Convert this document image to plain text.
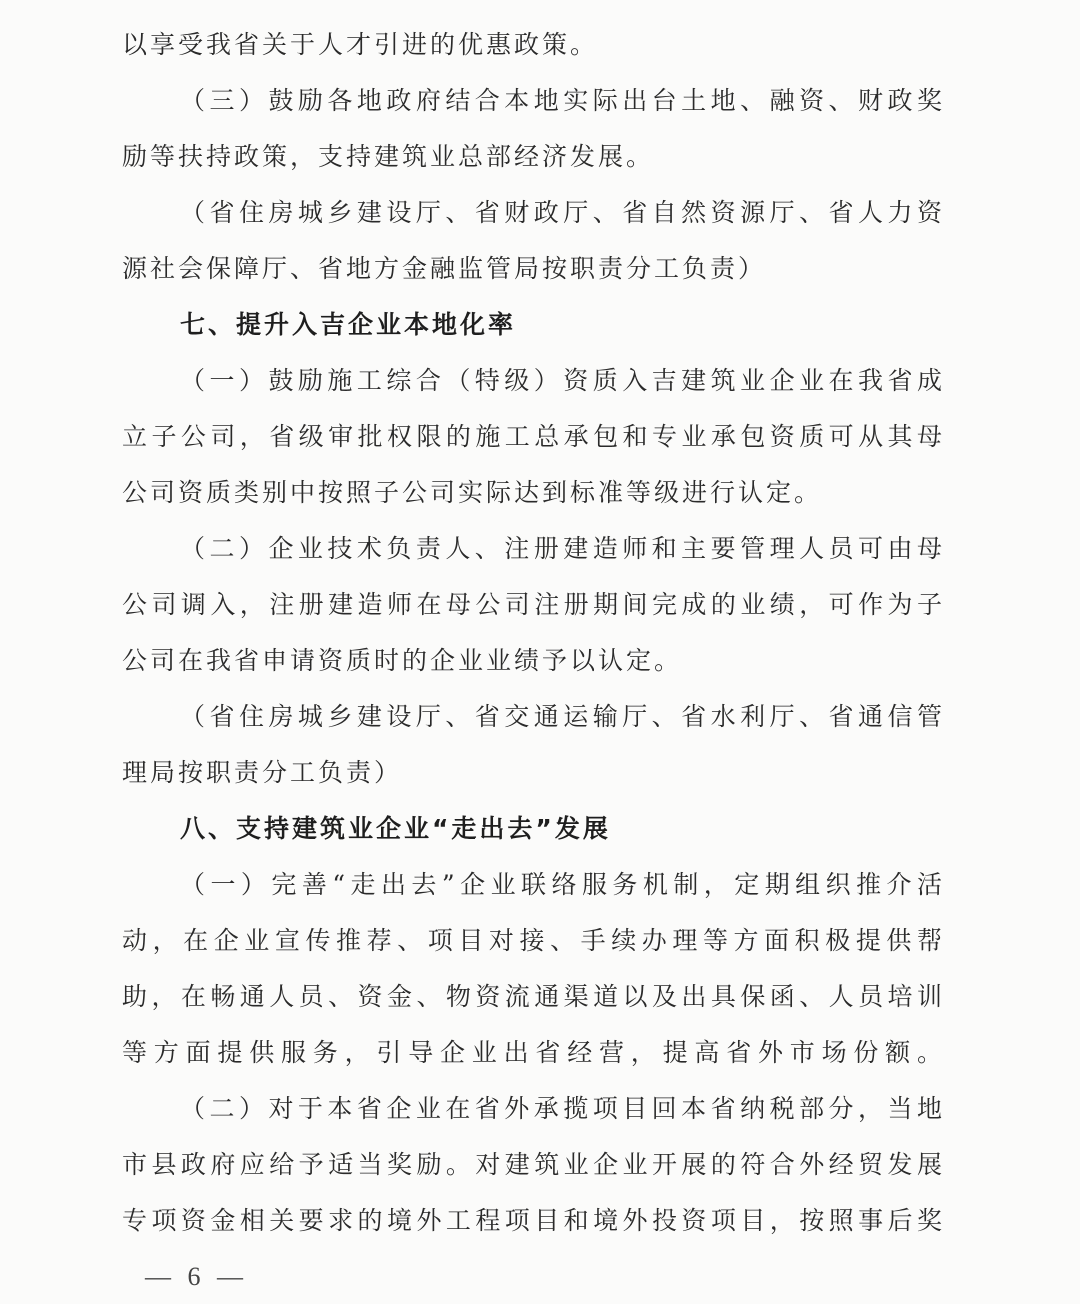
以享受我省关于人才引进的优惠政策。
（三）鼓励各地政府结合本地实际出台土地、融资、财政奖
励等扶持政策，支持建筑业总部经济发展。
（省住房城乡建设厅、省财政厅、省自然资源厅、省人力资
源社会保障厅、省地方金融监管局按职责分工负责）
七、提升入吉企业本地化率
（一）鼓励施工综合（特级）资质入吉建筑业企业在我省成
立子公司，省级审批权限的施工总承包和专业承包资质可从其母
公司资质类别中按照子公司实际达到标准等级进行认定。
（二）企业技术负责人、注册建造师和主要管理人员可由母
公司调入，注册建造师在母公司注册期间完成的业绩，可作为子
公司在我省申请资质时的企业业绩予以认定。
（省住房城乡建设厅、省交通运输厅、省水利厅、省通信管
理局按职责分工负责）
八、支持建筑业企业“走出去”发展
（一）完善“走出去”企业联络服务机制，定期组织推介活
动，在企业宣传推荐、项目对接、手续办理等方面积极提供帮
助，在畅通人员、资金、物资流通渠道以及出具保函、人员培训
等方面提供服务，引导企业出省经营，提高省外市场份额。
（二）对于本省企业在省外承揽项目回本省纳税部分，当地
市县政府应给予适当奖励。对建筑业企业开展的符合外经贸发展
专项资金相关要求的境外工程项目和境外投资项目，按照事后奖
— 6 —
